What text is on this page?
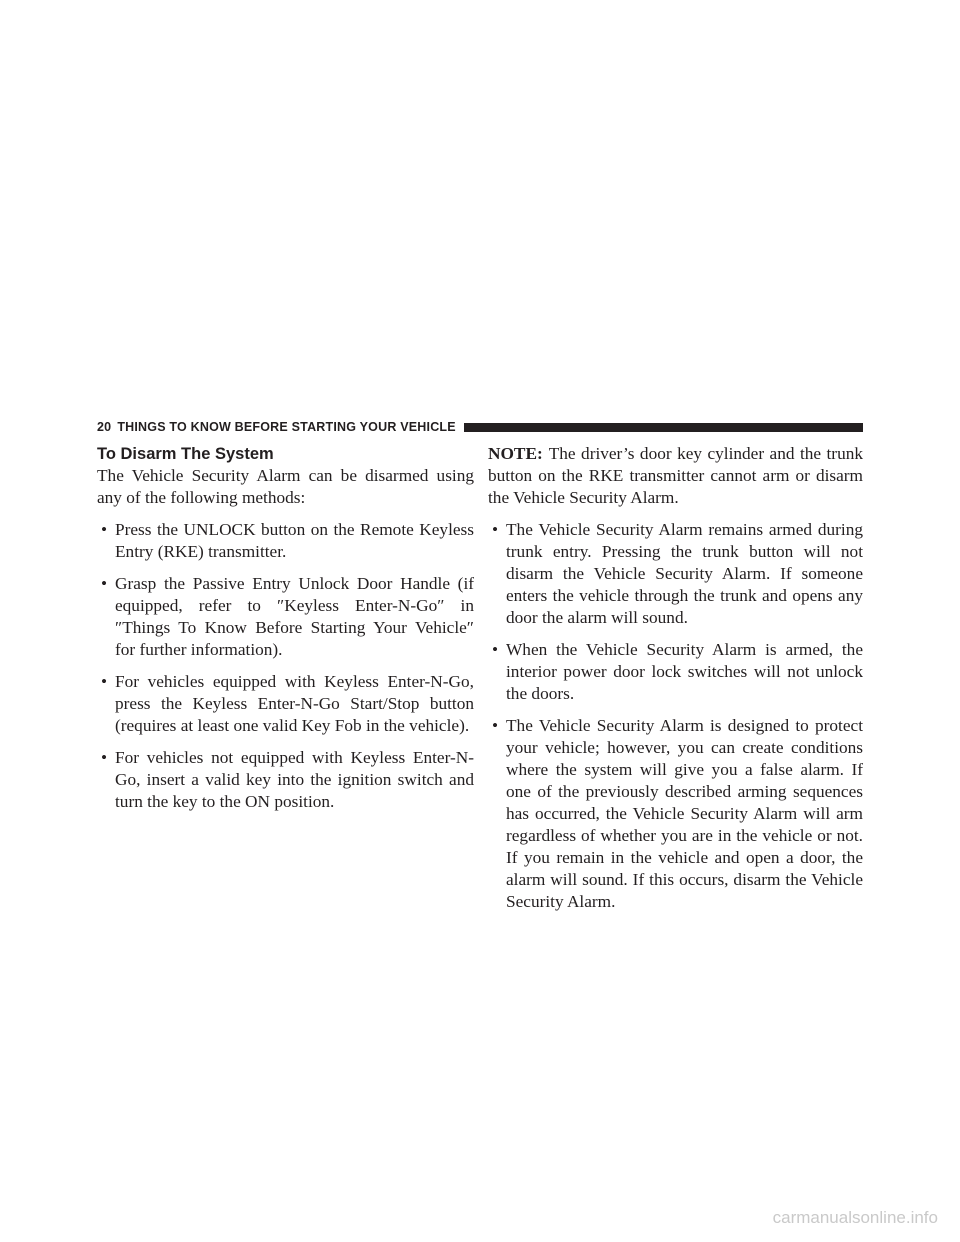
20 THINGS TO KNOW BEFORE STARTING YOUR VEHICLE
To Disarm The System

The Vehicle Security Alarm can be disarmed using any of the following methods:

• Press the UNLOCK button on the Remote Keyless Entry (RKE) transmitter.
• Grasp the Passive Entry Unlock Door Handle (if equipped, refer to ″Keyless Enter-N-Go″ in ″Things To Know Before Starting Your Vehicle″ for further information).
• For vehicles equipped with Keyless Enter-N-Go, press the Keyless Enter-N-Go Start/Stop button (requires at least one valid Key Fob in the vehicle).
• For vehicles not equipped with Keyless Enter-N-Go, insert a valid key into the ignition switch and turn the key to the ON position.

NOTE: The driver’s door key cylinder and the trunk button on the RKE transmitter cannot arm or disarm the Vehicle Security Alarm.

• The Vehicle Security Alarm remains armed during trunk entry. Pressing the trunk button will not disarm the Vehicle Security Alarm. If someone enters the vehicle through the trunk and opens any door the alarm will sound.
• When the Vehicle Security Alarm is armed, the interior power door lock switches will not unlock the doors.
• The Vehicle Security Alarm is designed to protect your vehicle; however, you can create conditions where the system will give you a false alarm. If one of the previously described arming sequences has occurred, the Vehicle Security Alarm will arm regardless of whether you are in the vehicle or not. If you remain in the vehicle and open a door, the alarm will sound. If this occurs, disarm the Vehicle Security Alarm.
carmanualsonline.info
